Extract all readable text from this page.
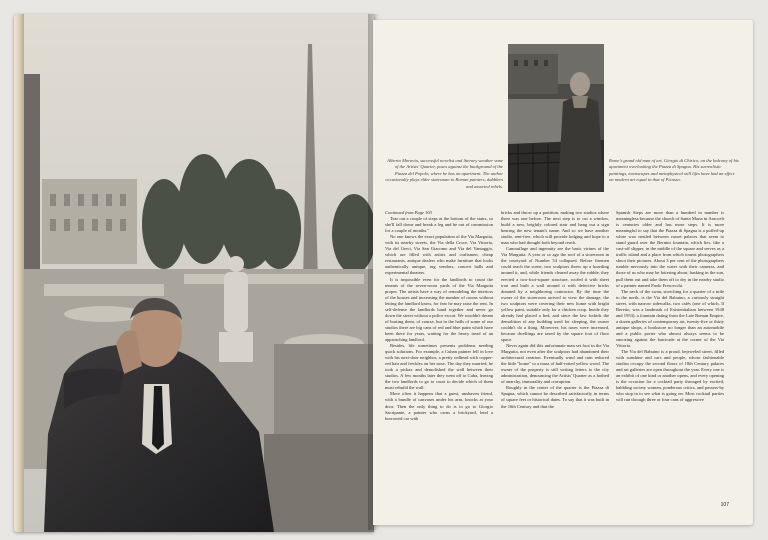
Alberto Moravia, successful novelist and literary weather vane of the Artists' Quarter, poses against the background of the Piazza del Popolo, where he has an apartment. The author occasionally plays elder statesman to Roman painters, dabblers and assorted rebels.
Rome's grand old man of art, Giorgio di Chirico, on the balcony of his apartment overlooking the Piazza di Spagna. His surrealistic paintings, townscapes and metaphysical still lifes have had an effect on modern art equal to that of Picasso.

Continued from Page 103

Tear out a couple of steps at the bottom of the stairs, so she'll fall down and break a leg and be out of commission for a couple of months."

No one knows the exact population of the Via Margutta, with its nearby streets, the Via della Croce, Via Vittoria, Via del Greci, Via San Giacomo and Via del Vantaggio, which are filled with artists and craftsmen, cheap restaurants, antique dealers who make furniture that looks authentically antique, rug vendors, concert halls and experimental theaters.

It is impossible even for the landlords to count the tenants of the seven-room yards of the Via Margutta proper. The artists have a way of remodeling the interiors of the houses and increasing the number of rooms without letting the landlord know, for fear he may raise the rent. In self-defense the landlords band together and never go down the street without a police escort. We wouldn't dream of hurting them, of course, but in the halls of some of our studios there are big cans of red and blue paint which have been there for years, waiting for the heavy tread of an approaching landlord.

Besides, life sometimes presents problems needing quick solutions. For example, a Cuban painter fell in love with his next-door neighbor, a pretty redhead with copper-red hair and freckles on her nose. The day they married, he took a pickax and demolished the wall between their studios. A few months later they went off to Cuba, leaving the two landlords to go to court to decide which of them must rebuild the wall.

More often it happens that a guest, unshaven friend, with a bundle of canvases under his arm, knocks at your door. Then the only thing to do is to go to Giorgio Sacripante, a painter who owns a brickyard, lend a borrowed car with

bricks and throw up a partition, making two studios where there was one before. The next step is to cut a window, build a new, brightly colored stair and hang out a sign bearing the new tenant's name. And so we have another studio, rent-free, which will provide lodging and hope to a man who had thought both beyond reach.

Camouflage and ingenuity are the basic virtues of the Via Margutta. A year or so ago the roof of a storeroom in the courtyard of Number 54 collapsed. Before firemen could reach the scene, two sculptors threw up a boarding around it, and, while friends cleared away the rubble, they erected a two-foot-square structure, roofed it with sheet iron and built a wall around it with defective bricks donated by a neighboring contractor. By the time the owner of the storeroom arrived to view the damage, the two sculptors were covering their new home with bright yellow paint, suitable only for a chicken coop. Inside they already had placed a bed, and since the law forbids the demolition of any building used for sleeping, the owner couldn't do a thing. Moreover, his taxes were increased, because dwellings are taxed by the square foot of floor space.

Never again did this unfortunate man set foot in the Via Margutta, not even after the sculptors had abandoned their architectural creation. Eventually wind and rain reduced the little "home" to a mass of half-rotted yellow wood. The owner of the property is still writing letters to the city administration, denouncing the Artists' Quarter as a hotbed of anarchy, immorality and corruption.

Roughly in the center of the quarter is the Piazza di Spagna, which cannot be described satisfactorily in terms of square feet or historical dates. To say that it was built in the 16th Century and that the

Spanish Steps are more than a hundred in number is meaningless because the church of Santa Maria in Aracoeli is centuries older and has more steps. It is more meaningful to say that the Piazza di Spagna is a puffed-up white wax nestled between russet palaces that seem to stand guard over the Bernini fountain, which lies, like a cast-off slipper, in the middle of the square and serves as a traffic island and a place from which tourist photographers shoot their pictures. About 3 per cent of the photographers tumble nervously into the water with their cameras, and those of us who may be loitering about, basking in the sun, pull them out and take them off to dry in the nearby studio of a painter named Paolo Frescecchi.

The neck of the swan, stretching for a quarter of a mile to the north, is the Via del Babuino, a curiously straight street, with narrow sidewalks, two cafés (one of which, Il Beretto, was a landmark of Existentialism between 1948 and 1953), a fountain dating from the Late Roman Empire, a dozen galleries of contemporary art, twenty-five or thirty antique shops, a bookstore no longer than an automobile and a public porter who almost always seems to be snoozing against the barricade at the corner of the Via Vittoria.

The Via del Babuino is a proud, bejeweled street, filled with sunshine and cars and people, whose fashionable studios occupy the second floors of 18th Century palaces and art galleries are open throughout the year. Every one is an exhibit of one kind or another opens, and every opening is the occasion for a cocktail party thronged by excited, babbling society women, ponderous critics, and passers-by who stop in to see what is going on. Most cocktail parties will run through three or four cans of aggressive

107
